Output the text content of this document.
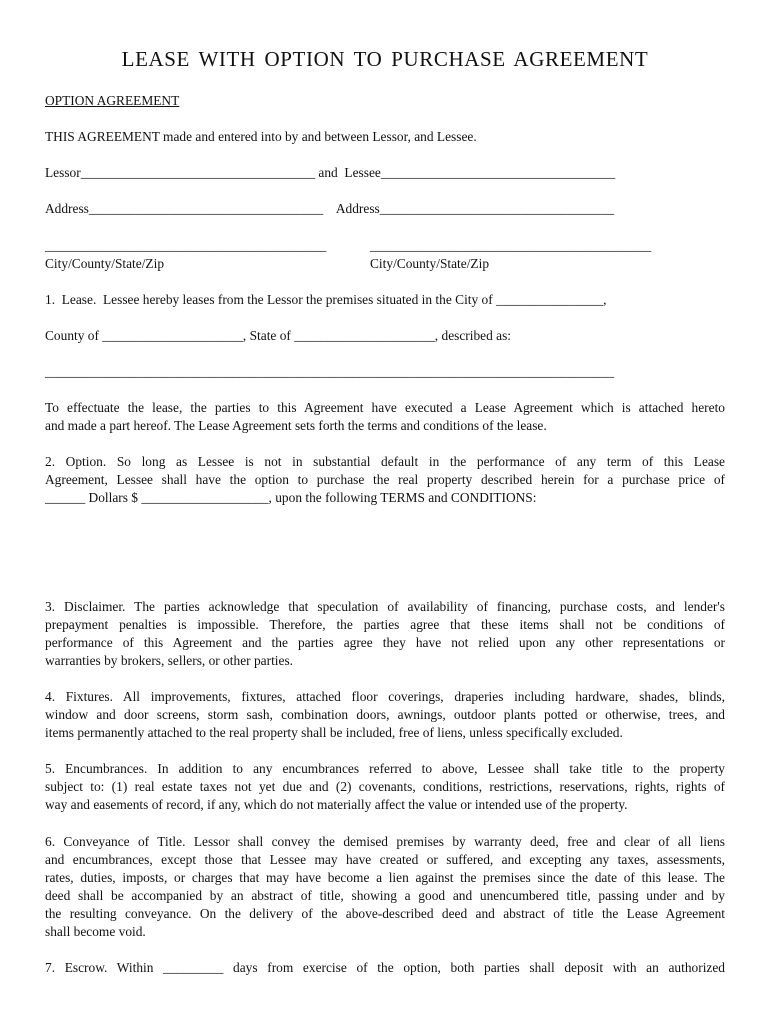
LEASE WITH OPTION TO PURCHASE AGREEMENT

OPTION AGREEMENT

THIS AGREEMENT made and entered into by and between Lessor, and Lessee.

Lessor___________________________________ and  Lessee___________________________________

Address___________________________________    Address___________________________________

__________________________________________	__________________________________________

City/County/State/Zip	City/County/State/Zip

1.  Lease.  Lessee hereby leases from the Lessor the premises situated in the City of ________________,

County of _____________________, State of _____________________, described as:

_____________________________________________________________________________________

To effectuate the lease, the parties to this Agreement have executed a Lease Agreement which is attached hereto
and made a part hereof. The Lease Agreement sets forth the terms and conditions of the lease.
2. Option. So long as Lessee is not in substantial default in the performance of any term of this Lease
Agreement, Lessee shall have the option to purchase the real property described herein for a purchase price of
______ Dollars $ ___________________, upon the following TERMS and CONDITIONS:
3. Disclaimer. The parties acknowledge that speculation of availability of financing, purchase costs, and lender's
prepayment penalties is impossible. Therefore, the parties agree that these items shall not be conditions of
performance of this Agreement and the parties agree they have not relied upon any other representations or
warranties by brokers, sellers, or other parties.
4. Fixtures. All improvements, fixtures, attached floor coverings, draperies including hardware, shades, blinds,
window and door screens, storm sash, combination doors, awnings, outdoor plants potted or otherwise, trees, and
items permanently attached to the real property shall be included, free of liens, unless specifically excluded.
5. Encumbrances. In addition to any encumbrances referred to above, Lessee shall take title to the property
subject to: (1) real estate taxes not yet due and (2) covenants, conditions, restrictions, reservations, rights, rights of
way and easements of record, if any, which do not materially affect the value or intended use of the property.
6. Conveyance of Title. Lessor shall convey the demised premises by warranty deed, free and clear of all liens
and encumbrances, except those that Lessee may have created or suffered, and excepting any taxes, assessments,
rates, duties, imposts, or charges that may have become a lien against the premises since the date of this lease. The
deed shall be accompanied by an abstract of title, showing a good and unencumbered title, passing under and by
the resulting conveyance. On the delivery of the above-described deed and abstract of title the Lease Agreement
shall become void.
7. Escrow. Within _________ days from exercise of the option, both parties shall deposit with an authorized
